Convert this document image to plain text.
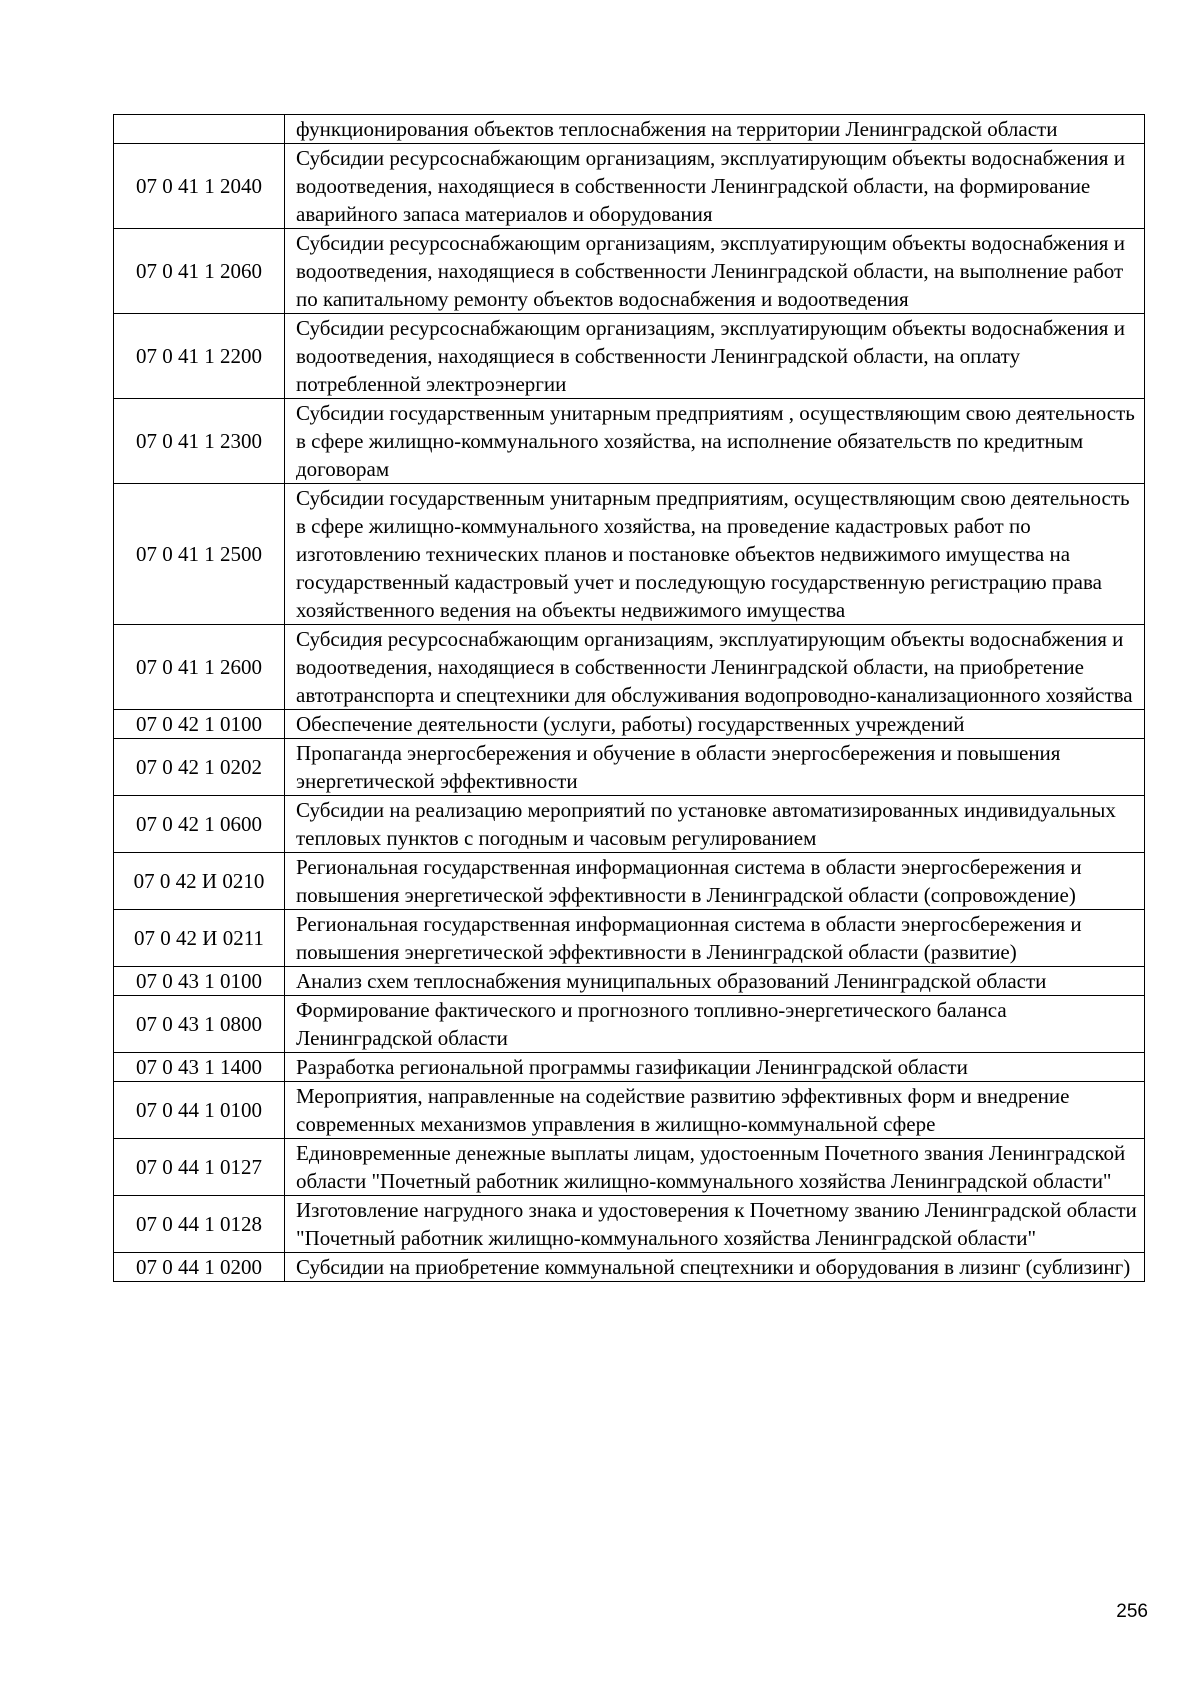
	функционирования объектов теплоснабжения на территории Ленинградской области
07 0 41 1 2040	Субсидии ресурсоснабжающим организациям, эксплуатирующим объекты водоснабжения и водоотведения, находящиеся в собственности Ленинградской области, на формирование аварийного запаса материалов и оборудования
07 0 41 1 2060	Субсидии ресурсоснабжающим организациям, эксплуатирующим объекты водоснабжения и водоотведения, находящиеся в собственности Ленинградской области, на выполнение работ по капитальному ремонту объектов водоснабжения и водоотведения
07 0 41 1 2200	Субсидии ресурсоснабжающим организациям, эксплуатирующим объекты водоснабжения и водоотведения, находящиеся в собственности Ленинградской области, на оплату потребленной электроэнергии
07 0 41 1 2300	Субсидии государственным унитарным предприятиям , осуществляющим свою деятельность в сфере жилищно-коммунального хозяйства, на исполнение обязательств по кредитным договорам
07 0 41 1 2500	Субсидии государственным унитарным предприятиям, осуществляющим свою деятельность в сфере жилищно-коммунального хозяйства, на проведение кадастровых работ по изготовлению технических планов и постановке объектов недвижимого имущества на государственный кадастровый учет и последующую государственную регистрацию права хозяйственного ведения на объекты недвижимого имущества
07 0 41 1 2600	Субсидия ресурсоснабжающим организациям, эксплуатирующим объекты водоснабжения и водоотведения, находящиеся в собственности Ленинградской области, на приобретение автотранспорта и спецтехники для обслуживания водопроводно-канализационного хозяйства
07 0 42 1 0100	Обеспечение деятельности (услуги, работы) государственных учреждений
07 0 42 1 0202	Пропаганда энергосбережения и обучение в области энергосбережения и повышения энергетической эффективности
07 0 42 1 0600	Субсидии на реализацию мероприятий по установке автоматизированных индивидуальных тепловых пунктов с погодным и часовым регулированием
07 0 42 И 0210	Региональная государственная информационная система в области энергосбережения и повышения энергетической эффективности в Ленинградской области (сопровождение)
07 0 42 И 0211	Региональная государственная информационная система в области энергосбережения и повышения энергетической эффективности в Ленинградской области (развитие)
07 0 43 1 0100	Анализ схем теплоснабжения муниципальных образований Ленинградской области
07 0 43 1 0800	Формирование фактического и прогнозного топливно-энергетического баланса Ленинградской области
07 0 43 1 1400	Разработка региональной программы газификации Ленинградской области
07 0 44 1 0100	Мероприятия, направленные на содействие развитию эффективных форм и внедрение современных механизмов управления в жилищно-коммунальной сфере
07 0 44 1 0127	Единовременные денежные выплаты лицам, удостоенным Почетного звания Ленинградской области "Почетный работник жилищно-коммунального хозяйства Ленинградской области"
07 0 44 1 0128	Изготовление нагрудного знака и удостоверения к Почетному званию Ленинградской области "Почетный работник жилищно-коммунального хозяйства Ленинградской области"
07 0 44 1 0200	Субсидии на приобретение коммунальной спецтехники и оборудования в лизинг (сублизинг)
256
